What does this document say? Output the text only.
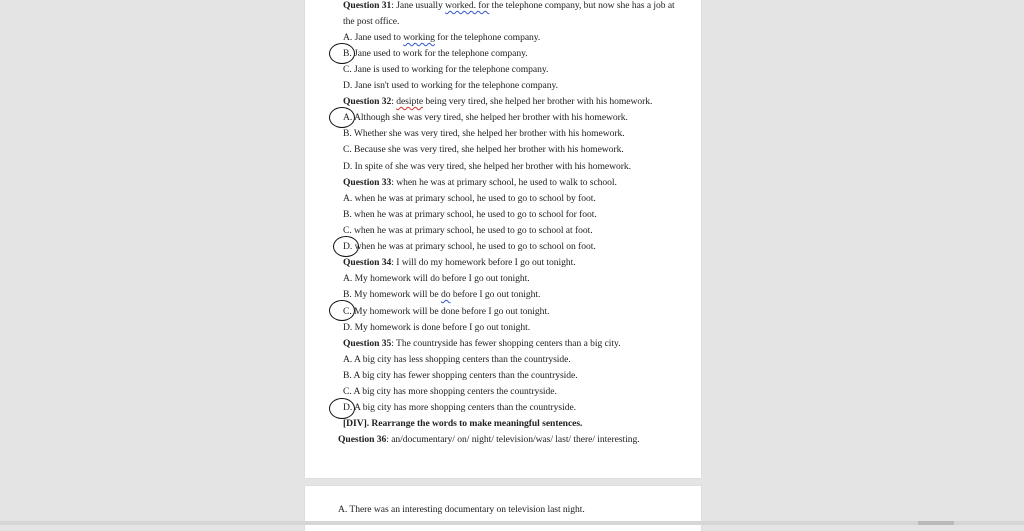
Question 31: Jane usually worked. for the telephone company, but now she has a job at
the post office.
A. Jane used to working for the telephone company.
B. Jane used to work for the telephone company.
C. Jane is used to working for the telephone company.
D. Jane isn't used to working for the telephone company.
Question 32: desipte being very tired, she helped her brother with his homework.
A. Although she was very tired, she helped her brother with his homework.
B. Whether she was very tired, she helped her brother with his homework.
C. Because she was very tired, she helped her brother with his homework.
D. In spite of she was very tired, she helped her brother with his homework.
Question 33: when he was at primary school, he used to walk to school.
A. when he was at primary school, he used to go to school by foot.
B. when he was at primary school, he used to go to school for foot.
C. when he was at primary school, he used to go to school at foot.
D. when he was at primary school, he used to go to school on foot.
Question 34: I will do my homework before I go out tonight.
A. My homework will do before I go out tonight.
B. My homework will be do before I go out tonight.
C. My homework will be done before I go out tonight.
D. My homework is done before I go out tonight.
Question 35: The countryside has fewer shopping centers than a big city.
A. A big city has less shopping centers than the countryside.
B. A big city has fewer shopping centers than the countryside.
C. A big city has more shopping centers the countryside.
D. A big city has more shopping centers than the countryside.
[DIV]. Rearrange the words to make meaningful sentences.
Question 36: an/documentary/ on/ night/ television/was/ last/ there/ interesting.
A. There was an interesting documentary on television last night.
